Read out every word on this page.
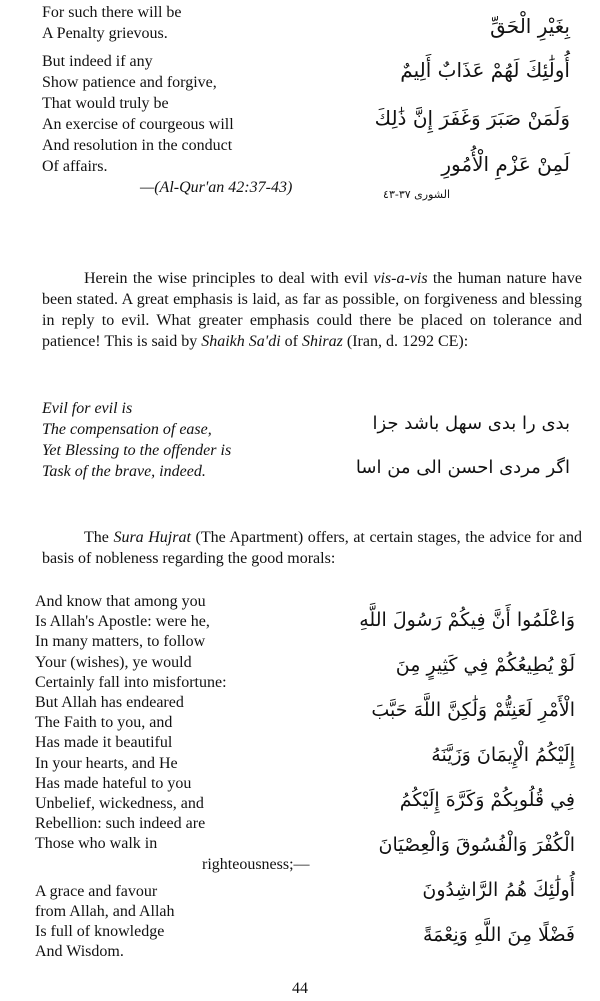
For such there will be
A Penalty grievous.
But indeed if any
Show patience and forgive,
That would truly be
An exercise of courgeous will
And resolution in the conduct
Of affairs.
—(Al-Qur'an 42:37-43)
بِغَيْرِ الْحَقِّ
أُولَٰئِكَ لَهُمْ عَذَابٌ أَلِيمٌ
وَلَمَنْ صَبَرَ وَغَفَرَ إِنَّ ذَٰلِكَ
لَمِنْ عَزْمِ الْأُمُورِ
الشورى ٣٧-٤٣

Herein the wise principles to deal with evil vis-a-vis the human nature have been stated. A great emphasis is laid, as far as possible, on forgiveness and blessing in reply to evil. What greater emphasis could there be placed on tolerance and patience! This is said by Shaikh Sa'di of Shiraz (Iran, d. 1292 CE):

Evil for evil is
The compensation of ease,
Yet Blessing to the offender is
Task of the brave, indeed.
بدی را بدی سهل باشد جزا
اگر مردی احسن الی من اسا

The Sura Hujrat (The Apartment) offers, at certain stages, the advice for and basis of nobleness regarding the good morals:

And know that among you
Is Allah's Apostle: were he,
In many matters, to follow
Your (wishes), ye would
Certainly fall into misfortune:
But Allah has endeared
The Faith to you, and
Has made it beautiful
In your hearts, and He
Has made hateful to you
Unbelief, wickedness, and
Rebellion: such indeed are
Those who walk in
righteousness;—
A grace and favour
from Allah, and Allah
Is full of knowledge
And Wisdom.
وَاعْلَمُوا أَنَّ فِيكُمْ رَسُولَ اللَّهِ
لَوْ يُطِيعُكُمْ فِي كَثِيرٍ مِنَ
الْأَمْرِ لَعَنِتُّمْ وَلَٰكِنَّ اللَّهَ حَبَّبَ
إِلَيْكُمُ الْإِيمَانَ وَزَيَّنَهُ
فِي قُلُوبِكُمْ وَكَرَّهَ إِلَيْكُمُ
الْكُفْرَ وَالْفُسُوقَ وَالْعِصْيَانَ
أُولَٰئِكَ هُمُ الرَّاشِدُونَ
فَضْلًا مِنَ اللَّهِ وَنِعْمَةً
44
